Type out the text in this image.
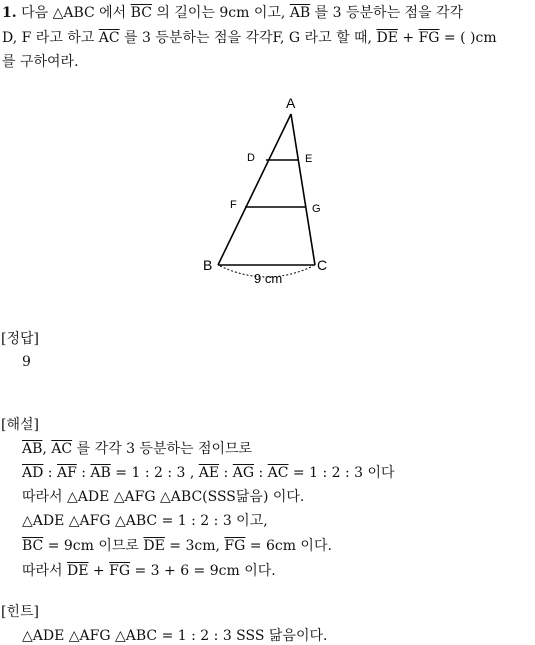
1. 다음 △ABC 에서 $\overline{BC}$ 의 길이는 9cm 이고, $\overline{AB}$ 를 3 등분하는 점을 각각
D, F 라고 하고 $\overline{AC}$ 를 3 등분하는 점을 각각F, G 라고 할 때, $\overline{DE} + \overline{FG}$ = ( )cm
를 구하여라.
A
D	E
F	G
B	C
9 cm
[정답]
9
[해설]
$\overline{AB}$, $\overline{AC}$ 를 각각 3 등분하는 점이므로
$\overline{AD}$ : $\overline{AF}$ : $\overline{AB} = 1$ : 2 : 3 , $\overline{AE}$ : $\overline{AG}$ : $\overline{AC} = 1$ : 2 : 3 이다
따라서 △ADE △AFG △ABC(SSS닮음) 이다.
△ADE △AFG △ABC = 1 : 2 : 3 이고,
$\overline{BC} = 9cm$ 이므로 $\overline{DE} = 3cm$, $\overline{FG} = 6cm$ 이다.
따라서 $\overline{DE} + \overline{FG} = 3 + 6 = 9cm$ 이다.
[힌트]
△ADE △AFG △ABC = 1 : 2 : 3 SSS 닮음이다.
